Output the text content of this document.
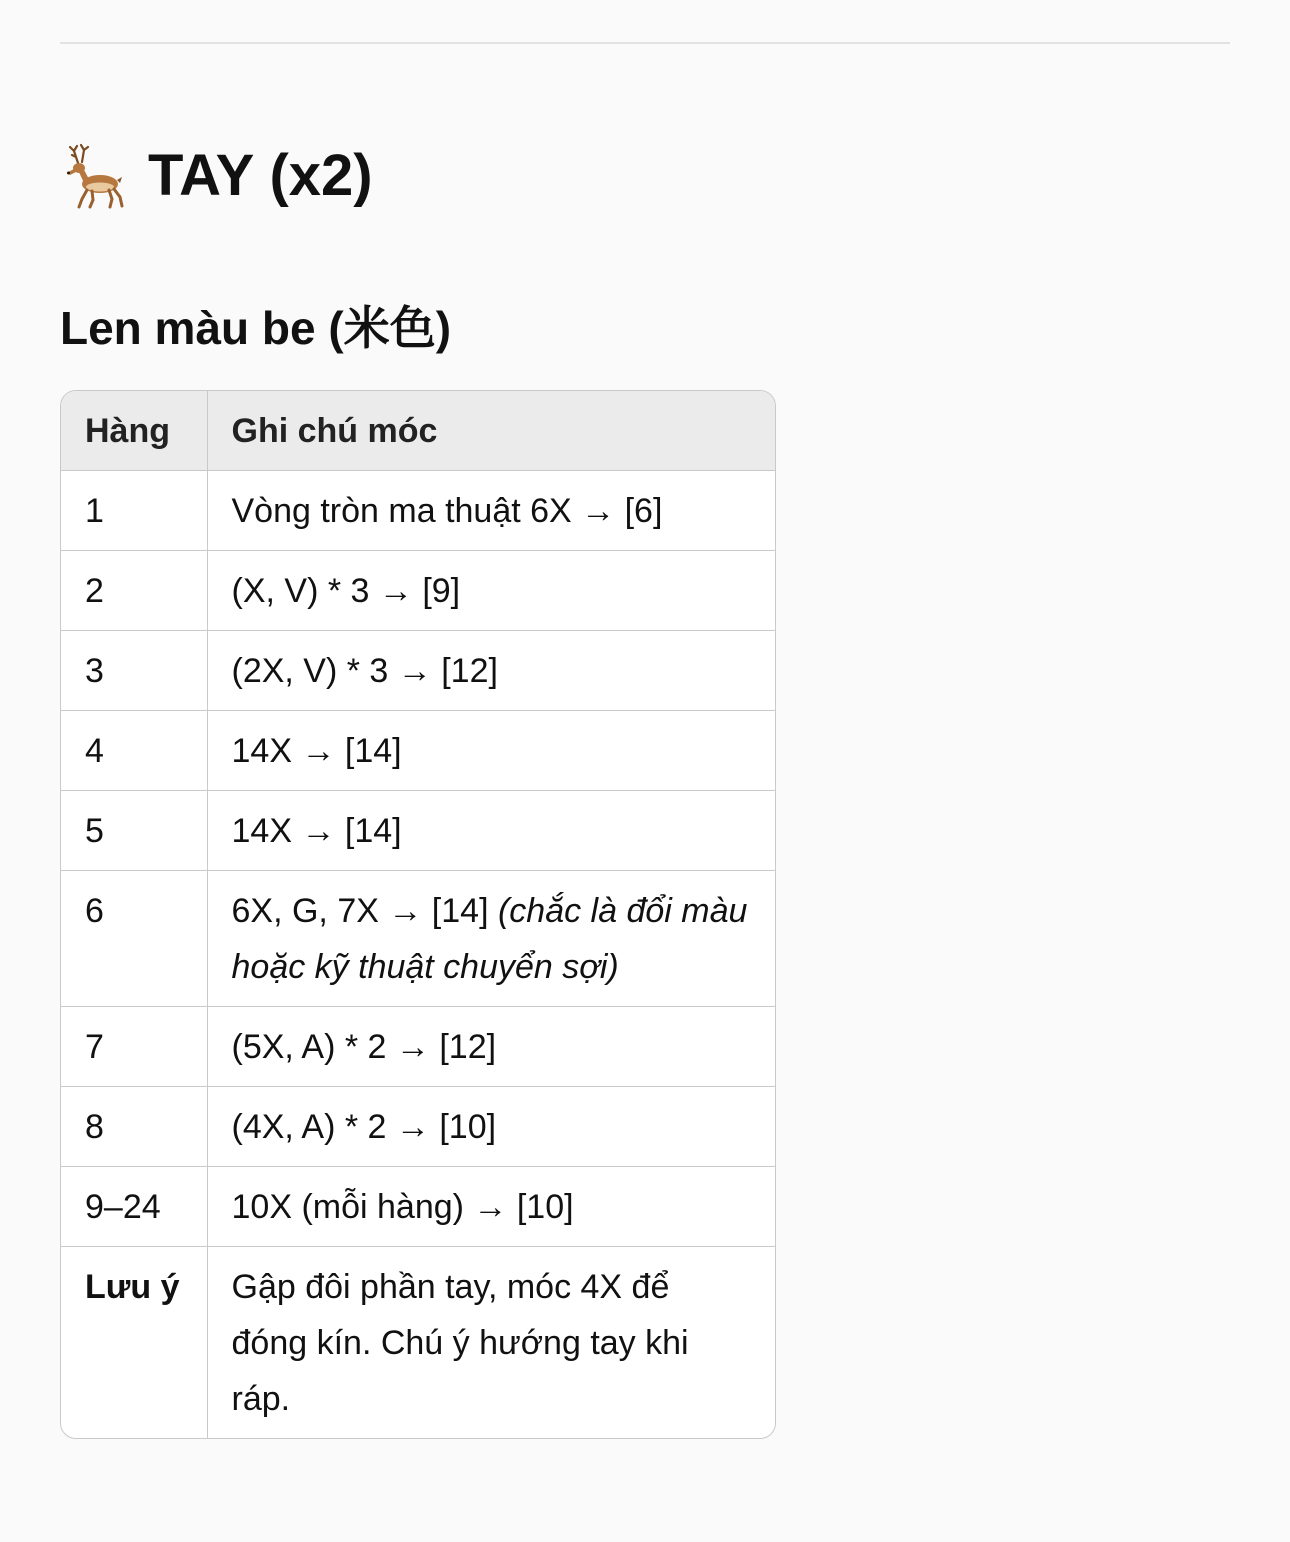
TAY (x2)
Len màu be (米色)
Hàng	Ghi chú móc
1	Vòng tròn ma thuật 6X → [6]
2	(X, V) * 3 → [9]
3	(2X, V) * 3 → [12]
4	14X → [14]
5	14X → [14]
6	6X, G, 7X → [14] (chắc là đổi màu hoặc kỹ thuật chuyển sợi)
7	(5X, A) * 2 → [12]
8	(4X, A) * 2 → [10]
9–24	10X (mỗi hàng) → [10]
Lưu ý	Gập đôi phần tay, móc 4X để đóng kín. Chú ý hướng tay khi ráp.
